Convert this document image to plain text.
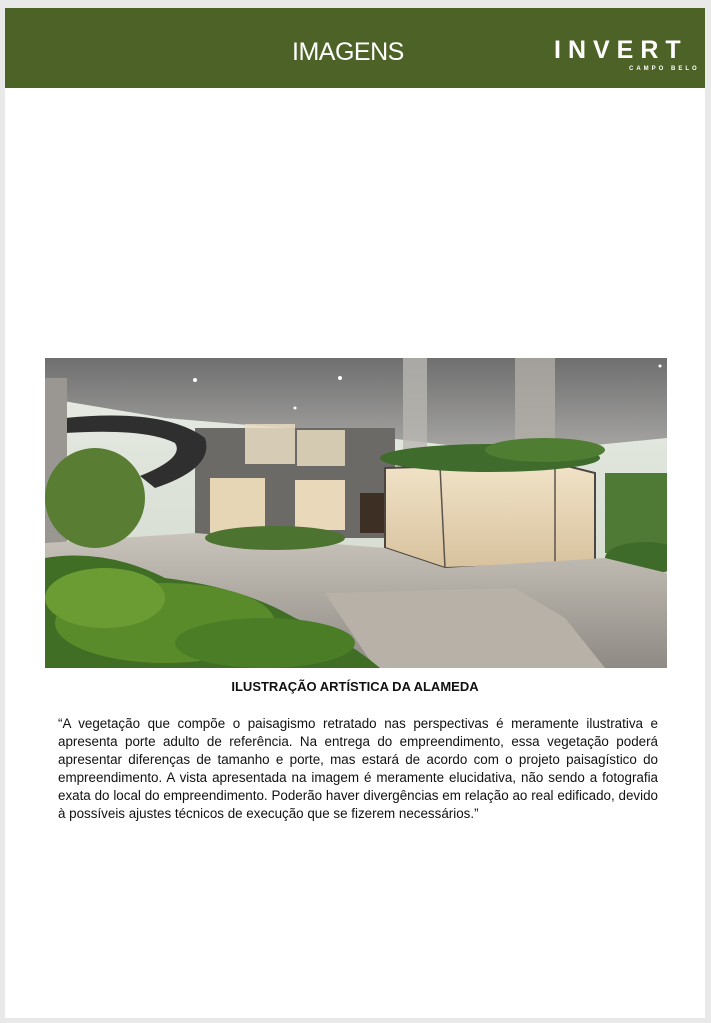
IMAGENS	INVERT
CAMPO BELO
ILUSTRAÇÃO ARTÍSTICA DA ALAMEDA
“A vegetação que compõe o paisagismo retratado nas perspectivas é meramente ilustrativa e apresenta porte adulto de referência. Na entrega do empreendimento, essa vegetação poderá apresentar diferenças de tamanho e porte, mas estará de acordo com o projeto paisagístico do empreendimento. A vista apresentada na imagem é meramente elucidativa, não sendo a fotografia exata do local do empreendimento. Poderão haver divergências em relação ao real edificado, devido à possíveis ajustes técnicos de execução que se fizerem necessários.”
